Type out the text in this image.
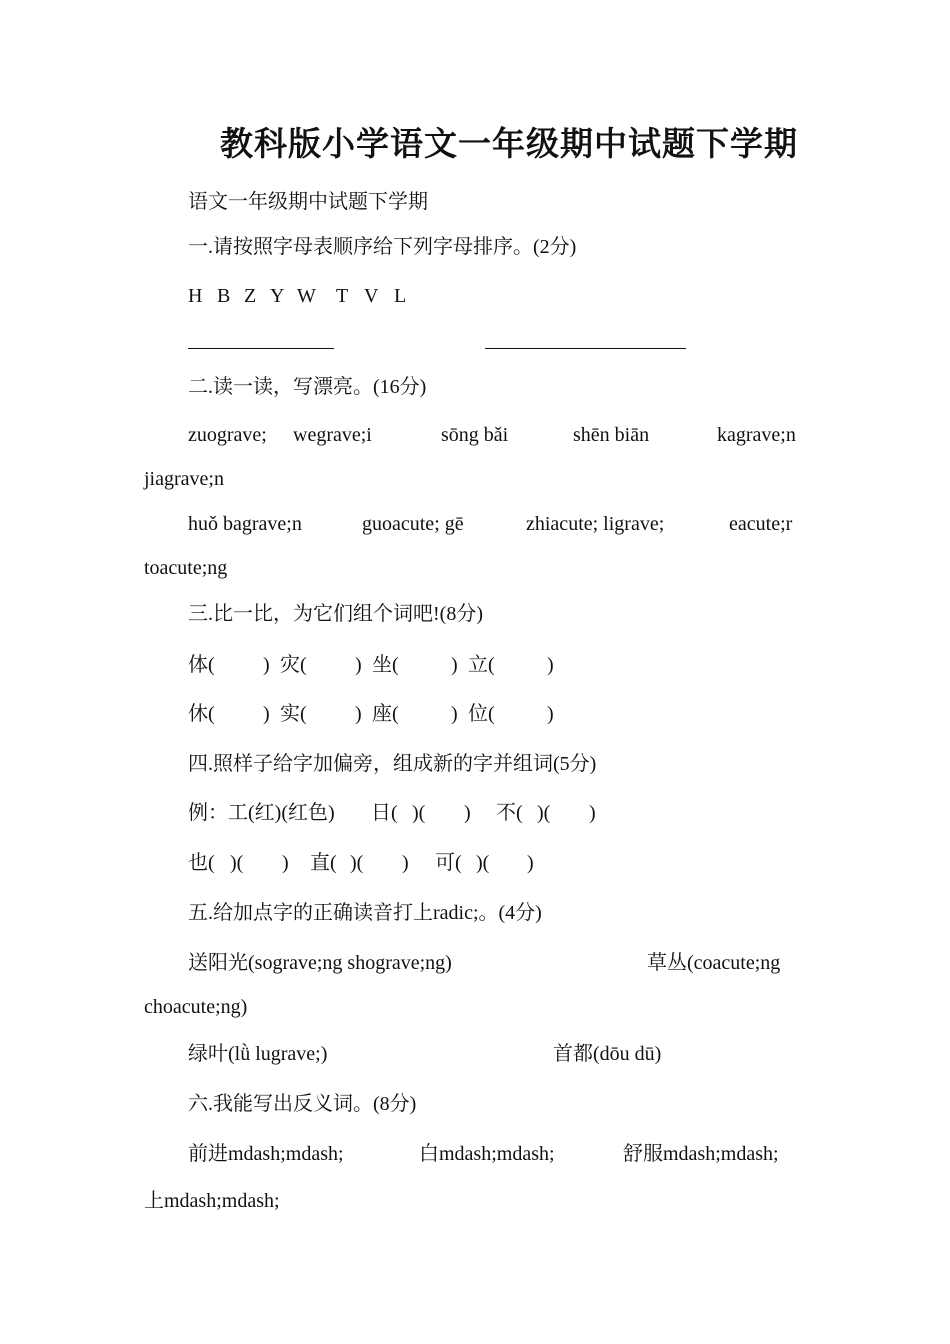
教科版小学语文一年级期中试题下学期
语文一年级期中试题下学期
一.请按照字母表顺序给下列字母排序。(2分)
H B Z Y W T V L
二.读一读，写漂亮。(16分)
zuograve; wegrave;i	sōng bǎi	shēn biān	kagrave;n
jiagrave;n
huǒ bagrave;n	guoacute; gē	zhiacute; ligrave;	eacute;r
toacute;ng
三.比一比，为它们组个词吧!(8分)
体( ) 灾( ) 坐(	) 立(	)
休( ) 实( ) 座(	) 位(	)
四.照样子给字加偏旁，组成新的字并组词(5分)
例：工(红)(红色) 日( )( ) 不( )( )
也( )( ) 直( )( ) 可( )( )
五.给加点字的正确读音打上radic;。(4分)
送阳光(sograve;ng shograve;ng)	草丛(coacute;ng
choacute;ng)
绿叶(lǜ lugrave;)	首都(dōu dū)
六.我能写出反义词。(8分)
前进mdash;mdash;	白mdash;mdash;	舒服mdash;mdash;
上mdash;mdash;
